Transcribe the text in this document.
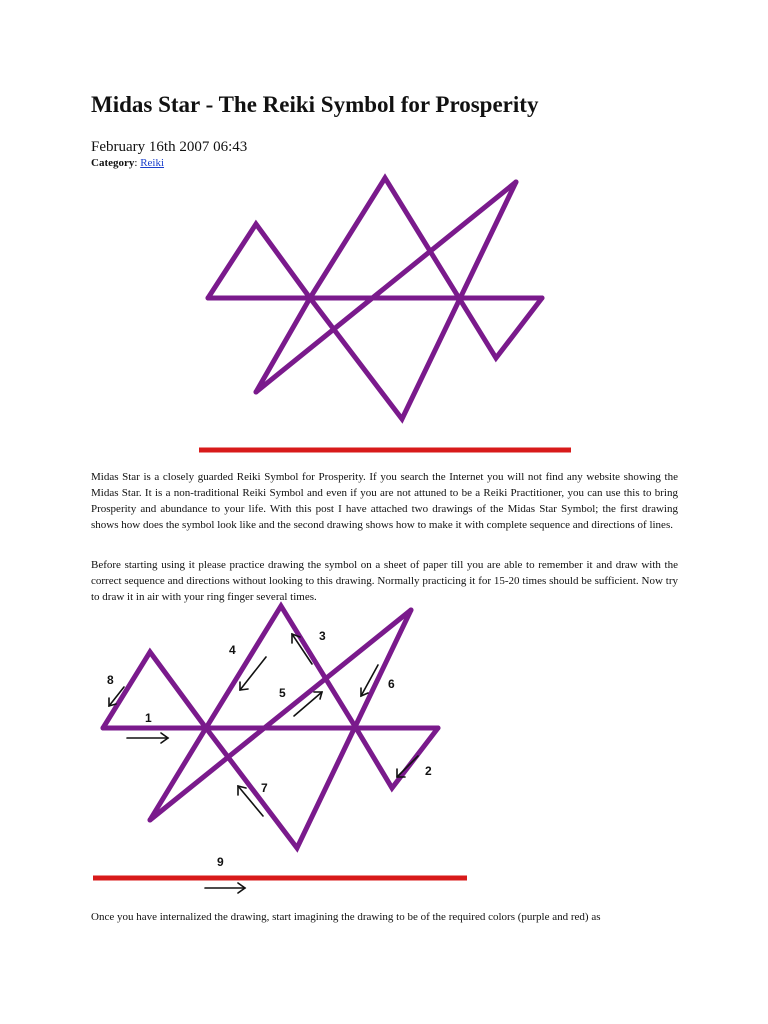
Midas Star - The Reiki Symbol for Prosperity
February 16th 2007 06:43
Category: Reiki

Midas Star is a closely guarded Reiki Symbol for Prosperity. If you search the Internet you will not find any website showing the Midas Star. It is a non-traditional Reiki Symbol and even if you are not attuned to be a Reiki Practitioner, you can use this to bring Prosperity and abundance to your life. With this post I have attached two drawings of the Midas Star Symbol; the first drawing shows how does the symbol look like and the second drawing shows how to make it with complete sequence and directions of lines.

Before starting using it please practice drawing the symbol on a sheet of paper till you are able to remember it and draw with the correct sequence and directions without looking to this drawing. Normally practicing it for 15-20 times should be sufficient. Now try to draw it in air with your ring finger several times.

1
2
3
4
5
6
7
8
9

Once you have internalized the drawing, start imagining the drawing to be of the required colors (purple and red) as
